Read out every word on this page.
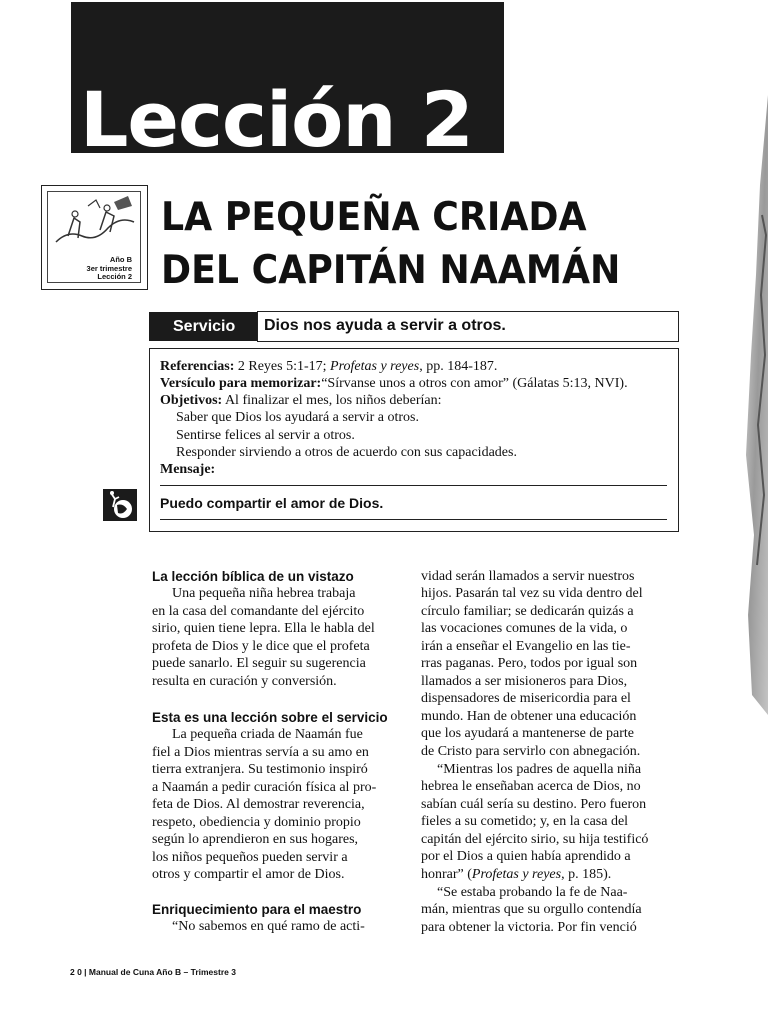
Lección 2
Año B
3er trimestre
Lección 2
LA PEQUEÑA CRIADA
DEL CAPITÁN NAAMÁN
Servicio	Dios nos ayuda a servir a otros.
Referencias: 2 Reyes 5:1-17; Profetas y reyes, pp. 184-187.
Versículo para memorizar:“Sírvanse unos a otros con amor” (Gálatas 5:13, NVI).
Objetivos: Al finalizar el mes, los niños deberían:
Saber que Dios los ayudará a servir a otros.
Sentirse felices al servir a otros.
Responder sirviendo a otros de acuerdo con sus capacidades.
Mensaje:
Puedo compartir el amor de Dios.
La lección bíblica de un vistazo
Una pequeña niña hebrea trabaja
en la casa del comandante del ejército
sirio, quien tiene lepra. Ella le habla del
profeta de Dios y le dice que el profeta
puede sanarlo. El seguir su sugerencia
resulta en curación y conversión.
Esta es una lección sobre el servicio
La pequeña criada de Naamán fue
fiel a Dios mientras servía a su amo en
tierra extranjera. Su testimonio inspiró
a Naamán a pedir curación física al pro-
feta de Dios. Al demostrar reverencia,
respeto, obediencia y dominio propio
según lo aprendieron en sus hogares,
los niños pequeños pueden servir a
otros y compartir el amor de Dios.
Enriquecimiento para el maestro
“No sabemos en qué ramo de acti-
vidad serán llamados a servir nuestros
hijos. Pasarán tal vez su vida dentro del
círculo familiar; se dedicarán quizás a
las vocaciones comunes de la vida, o
irán a enseñar el Evangelio en las tie-
rras paganas. Pero, todos por igual son
llamados a ser misioneros para Dios,
dispensadores de misericordia para el
mundo. Han de obtener una educación
que los ayudará a mantenerse de parte
de Cristo para servirlo con abnegación.
“Mientras los padres de aquella niña
hebrea le enseñaban acerca de Dios, no
sabían cuál sería su destino. Pero fueron
fieles a su cometido; y, en la casa del
capitán del ejército sirio, su hija testificó
por el Dios a quien había aprendido a
honrar” (Profetas y reyes, p. 185).
“Se estaba probando la fe de Naa-
mán, mientras que su orgullo contendía
para obtener la victoria. Por fin venció
2 0 | Manual de Cuna Año B – Trimestre 3
